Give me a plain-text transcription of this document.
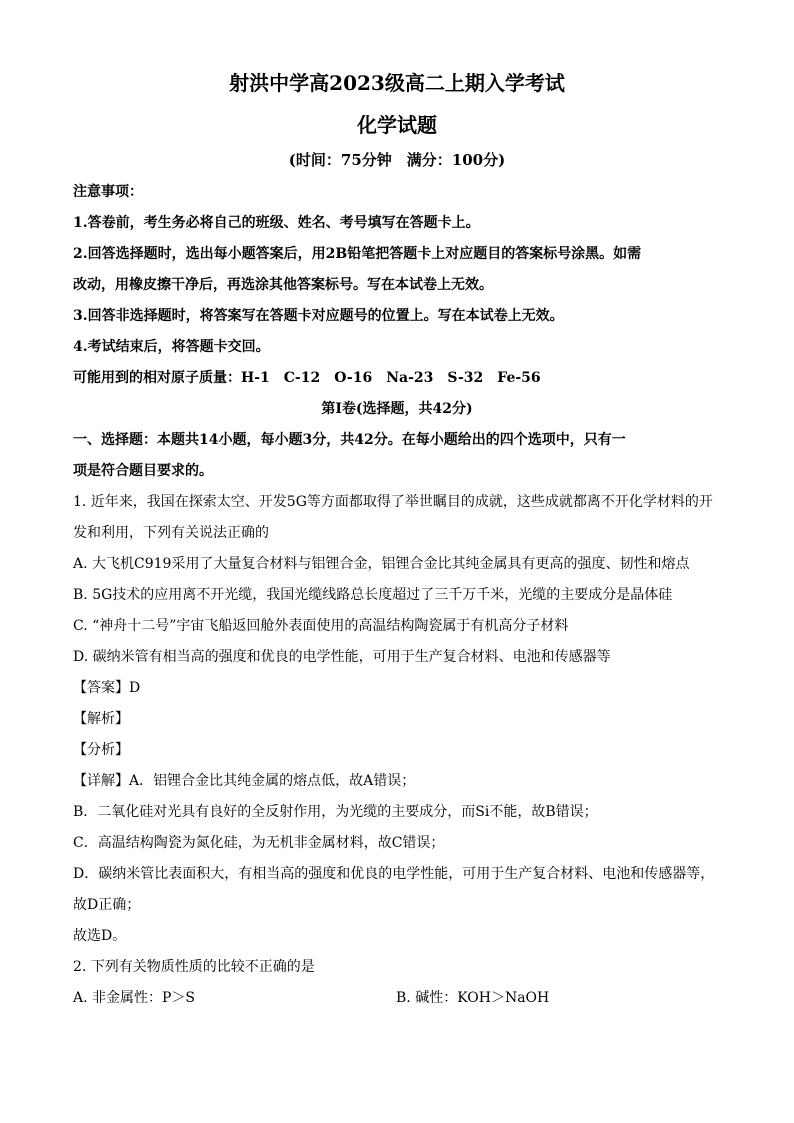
射洪中学高2023级高二上期入学考试
化学试题
(时间：75分钟　满分：100分)
注意事项：
1.答卷前，考生务必将自己的班级、姓名、考号填写在答题卡上。
2.回答选择题时，选出每小题答案后，用2B铅笔把答题卡上对应题目的答案标号涂黑。如需
改动，用橡皮擦干净后，再选涂其他答案标号。写在本试卷上无效。
3.回答非选择题时，将答案写在答题卡对应题号的位置上。写在本试卷上无效。
4.考试结束后，将答题卡交回。
可能用到的相对原子质量：H-1　C-12　O-16　Na-23　S-32　Fe-56
第Ⅰ卷(选择题，共42分)
一、选择题：本题共14小题，每小题3分，共42分。在每小题给出的四个选项中，只有一
项是符合题目要求的。
1. 近年来，我国在探索太空、开发5G等方面都取得了举世瞩目的成就，这些成就都离不开化学材料的开
发和利用，下列有关说法正确的
A. 大飞机C919采用了大量复合材料与铝锂合金，铝锂合金比其纯金属具有更高的强度、韧性和熔点
B. 5G技术的应用离不开光缆，我国光缆线路总长度超过了三千万千米，光缆的主要成分是晶体硅
C. “神舟十二号”宇宙飞船返回舱外表面使用的高温结构陶瓷属于有机高分子材料
D. 碳纳米管有相当高的强度和优良的电学性能，可用于生产复合材料、电池和传感器等
【答案】D
【解析】
【分析】
【详解】A．铝锂合金比其纯金属的熔点低，故A错误；
B．二氧化硅对光具有良好的全反射作用，为光缆的主要成分，而Si不能，故B错误；
C．高温结构陶瓷为氮化硅，为无机非金属材料，故C错误；
D．碳纳米管比表面积大，有相当高的强度和优良的电学性能，可用于生产复合材料、电池和传感器等，
故D正确；
故选D。
2. 下列有关物质性质的比较不正确的是
A. 非金属性：P＞S	B. 碱性：KOH＞NaOH
